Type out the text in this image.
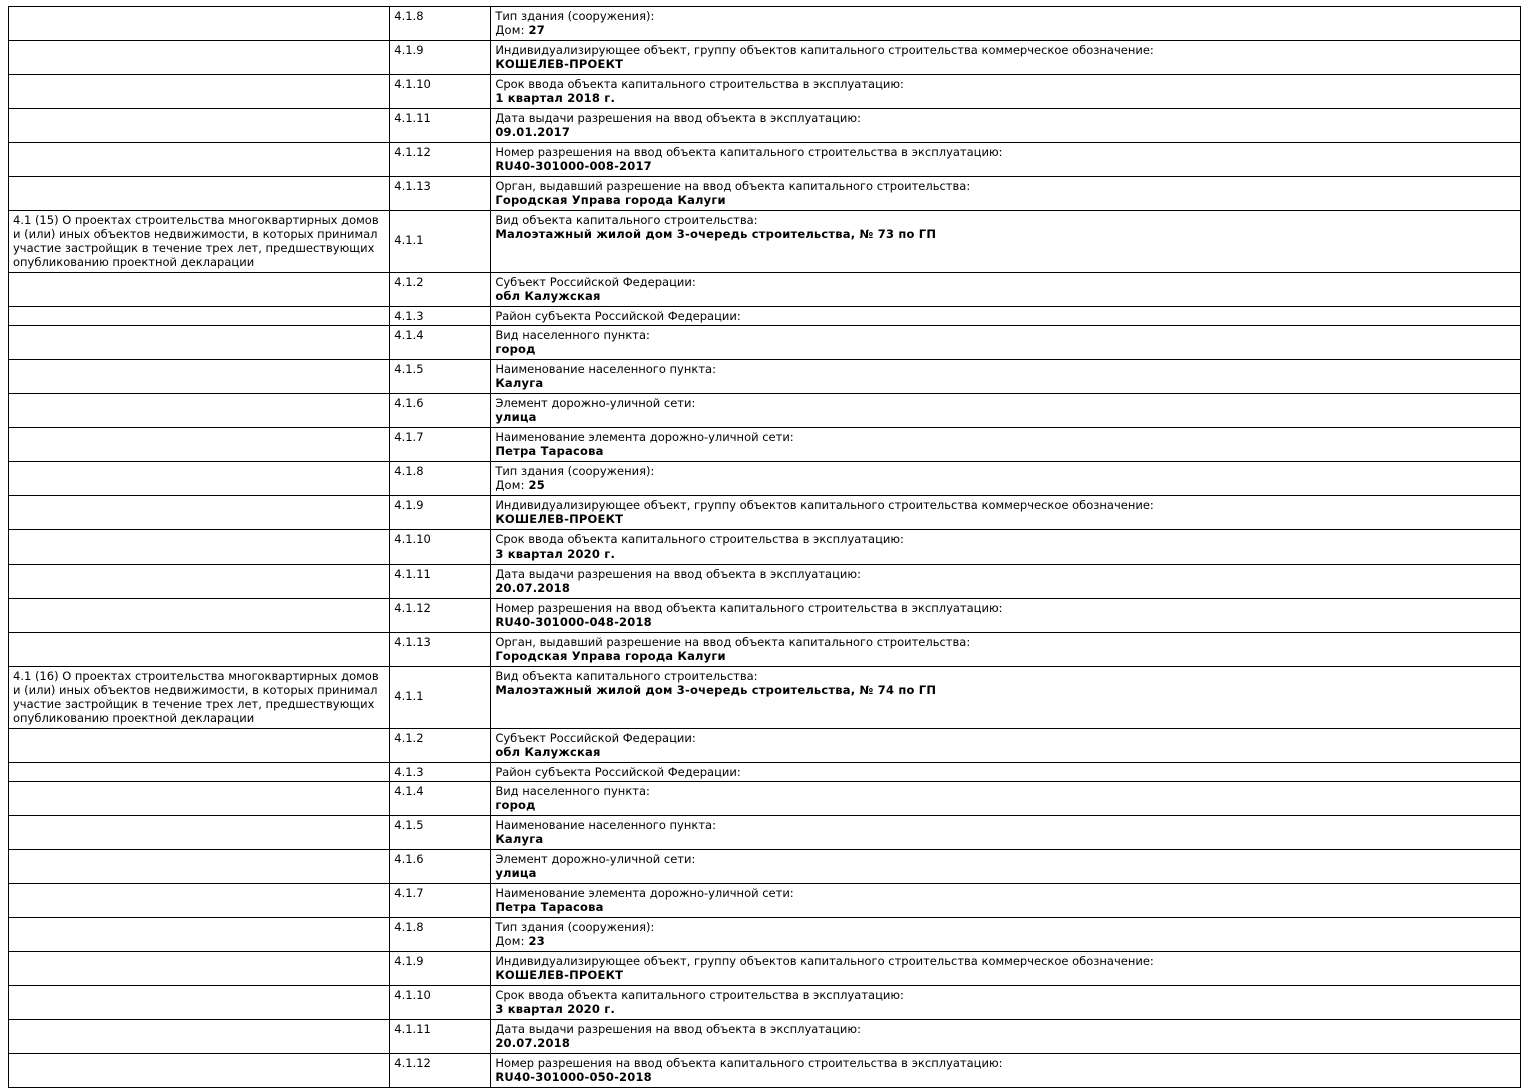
	4.1.8	Тип здания (сооружения):
Дом: 27

	4.1.9	Индивидуализирующее объект, группу объектов капитального строительства коммерческое обозначение:
КОШЕЛЕВ-ПРОЕКТ

	4.1.10	Срок ввода объекта капитального строительства в эксплуатацию:
1 квартал 2018 г.

	4.1.11	Дата выдачи разрешения на ввод объекта в эксплуатацию:
09.01.2017

	4.1.12	Номер разрешения на ввод объекта капитального строительства в эксплуатацию:
RU40-301000-008-2017

	4.1.13	Орган, выдавший разрешение на ввод объекта капитального строительства:
Городская Управа города Калуги

4.1 (15) О проектах строительства многоквартирных домов и (или) иных объектов недвижимости, в которых принимал участие застройщик в течение трех лет, предшествующих опубликованию проектной декларации	4.1.1	Вид объекта капитального строительства:
Малоэтажный жилой дом 3-очередь строительства, № 73 по ГП

	4.1.2	Субъект Российской Федерации:
обл Калужская

	4.1.3	Район субъекта Российской Федерации:

	4.1.4	Вид населенного пункта:
город

	4.1.5	Наименование населенного пункта:
Калуга

	4.1.6	Элемент дорожно-уличной сети:
улица

	4.1.7	Наименование элемента дорожно-уличной сети:
Петра Тарасова

	4.1.8	Тип здания (сооружения):
Дом: 25

	4.1.9	Индивидуализирующее объект, группу объектов капитального строительства коммерческое обозначение:
КОШЕЛЕВ-ПРОЕКТ

	4.1.10	Срок ввода объекта капитального строительства в эксплуатацию:
3 квартал 2020 г.

	4.1.11	Дата выдачи разрешения на ввод объекта в эксплуатацию:
20.07.2018

	4.1.12	Номер разрешения на ввод объекта капитального строительства в эксплуатацию:
RU40-301000-048-2018

	4.1.13	Орган, выдавший разрешение на ввод объекта капитального строительства:
Городская Управа города Калуги

4.1 (16) О проектах строительства многоквартирных домов и (или) иных объектов недвижимости, в которых принимал участие застройщик в течение трех лет, предшествующих опубликованию проектной декларации	4.1.1	Вид объекта капитального строительства:
Малоэтажный жилой дом 3-очередь строительства, № 74 по ГП

	4.1.2	Субъект Российской Федерации:
обл Калужская

	4.1.3	Район субъекта Российской Федерации:

	4.1.4	Вид населенного пункта:
город

	4.1.5	Наименование населенного пункта:
Калуга

	4.1.6	Элемент дорожно-уличной сети:
улица

	4.1.7	Наименование элемента дорожно-уличной сети:
Петра Тарасова

	4.1.8	Тип здания (сооружения):
Дом: 23

	4.1.9	Индивидуализирующее объект, группу объектов капитального строительства коммерческое обозначение:
КОШЕЛЕВ-ПРОЕКТ

	4.1.10	Срок ввода объекта капитального строительства в эксплуатацию:
3 квартал 2020 г.

	4.1.11	Дата выдачи разрешения на ввод объекта в эксплуатацию:
20.07.2018

	4.1.12	Номер разрешения на ввод объекта капитального строительства в эксплуатацию:
RU40-301000-050-2018
